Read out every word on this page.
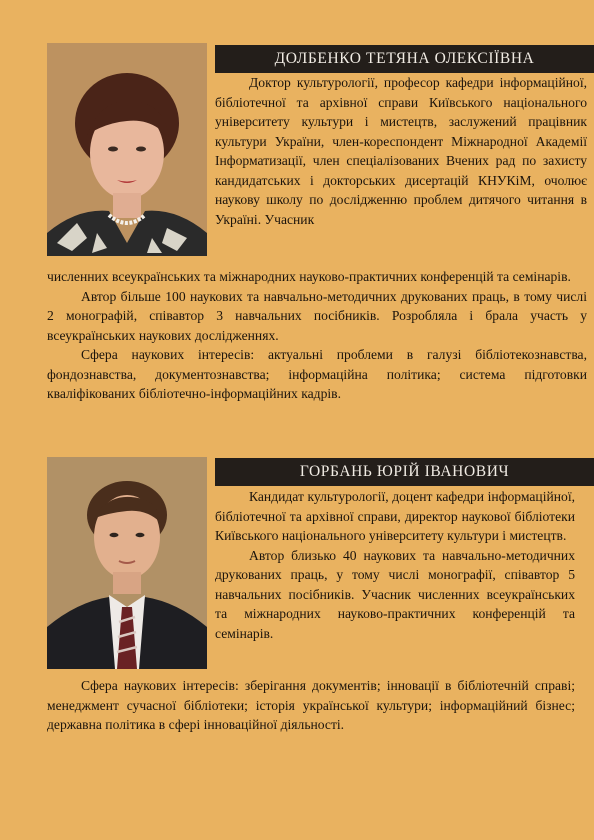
ДОЛБЕНКО ТЕТЯНА ОЛЕКСІЇВНА

Доктор культурології, професор кафедри інформаційної, бібліотечної та архівної справи Київського національного університету культури і мистецтв, заслужений працівник культури України, член-кореспондент Міжнародної Академії Інформатизації, член спеціалізованих Вчених рад по захисту кандидатських і докторських дисертацій КНУКіМ, очолює наукову школу по дослідженню проблем дитячого читання в Україні. Учасник

численних всеукраїнських та міжнародних науково-практичних конференцій та семінарів.

Автор більше 100 наукових та навчально-методичних друкованих праць, в тому числі 2 монографій, співавтор 3 навчальних посібників. Розробляла і брала участь у всеукраїнських наукових дослідженнях.

Сфера наукових інтересів: актуальні проблеми в галузі бібліотекознавства, фондознавства, документознавства; інформаційна політика; система підготовки кваліфікованих бібліотечно-інформаційних кадрів.

ГОРБАНЬ ЮРІЙ ІВАНОВИЧ

Кандидат культурології, доцент кафедри інформаційної, бібліотечної та архівної справи, директор наукової бібліотеки Київського національного університету культури і мистецтв.

Автор близько 40 наукових та навчально-методичних друкованих праць, у тому числі монографії, співавтор 5 навчальних посібників. Учасник численних всеукраїнських та міжнародних науково-практичних конференцій та семінарів.

Сфера наукових інтересів: зберігання документів; інновації в бібліотечній справі; менеджмент сучасної бібліотеки; історія української культури; інформаційний бізнес; державна політика в сфері інноваційної діяльності.
